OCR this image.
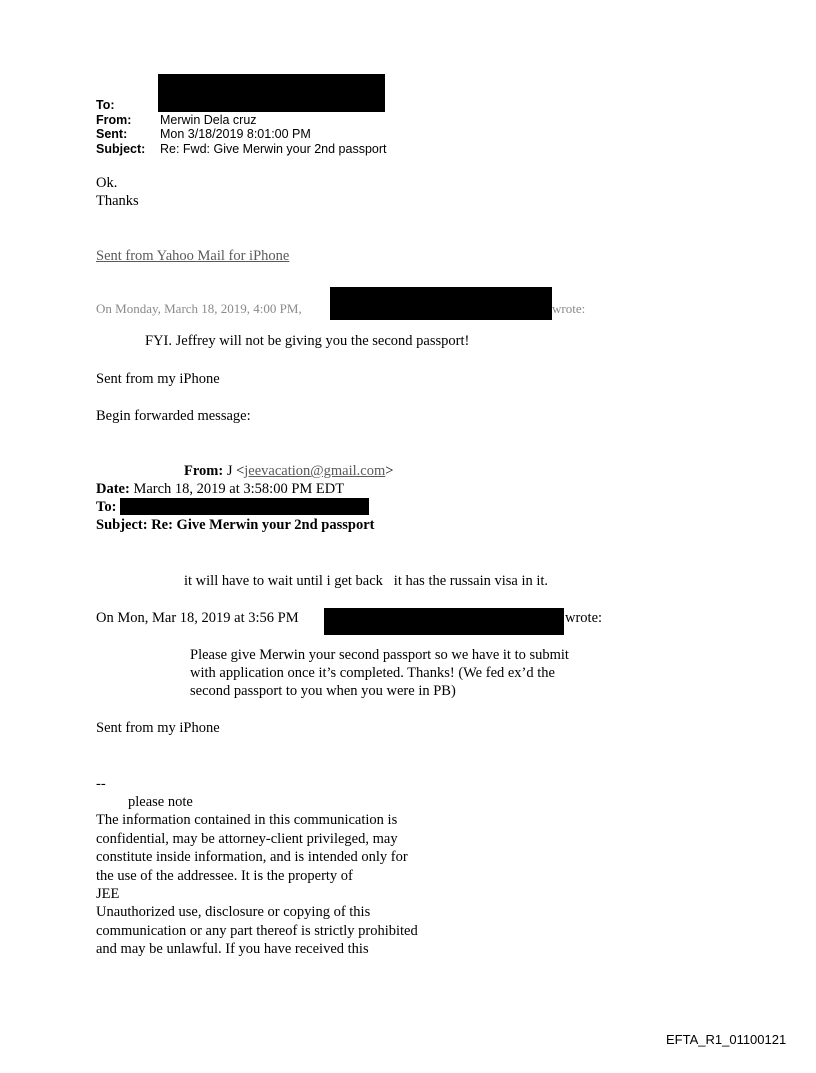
To:
From: Merwin Dela cruz
Sent:	Mon 3/18/2019 8:01:00 PM
Subject: Re: Fwd: Give Merwin your 2nd passport
Ok.
Thanks
Sent from Yahoo Mail for iPhone
On Monday, March 18, 2019, 4:00 PM,	wrote:
FYI. Jeffrey will not be giving you the second passport!
Sent from my iPhone
Begin forwarded message:
From: J <jeevacation@gmail.com>
Date: March 18, 2019 at 3:58:00 PM EDT
To:
Subject: Re: Give Merwin your 2nd passport
it will have to wait until i get back   it has the russain visa in it.
On Mon, Mar 18, 2019 at 3:56 PM	wrote:
Please give Merwin your second passport so we have it to submit
with application once it’s completed. Thanks! (We fed ex’d the
second passport to you when you were in PB)
Sent from my iPhone
--
please note
The information contained in this communication is
confidential, may be attorney-client privileged, may
constitute inside information, and is intended only for
the use of the addressee. It is the property of
JEE
Unauthorized use, disclosure or copying of this
communication or any part thereof is strictly prohibited
and may be unlawful. If you have received this
EFTA_R1_01100121
